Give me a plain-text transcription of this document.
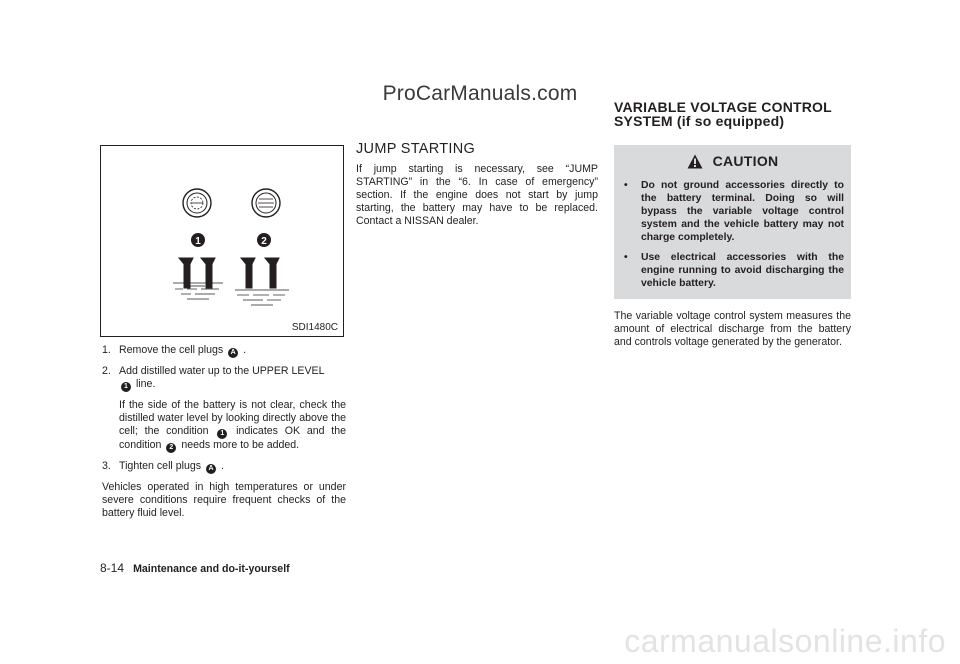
ProCarManuals.com
1	2
SDI1480C
1. Remove the cell plugs A .

2. Add distilled water up to the UPPER LEVEL
1 line.

If the side of the battery is not clear, check the distilled water level by looking directly above the cell; the condition 1 indicates OK and the condition 2 needs more to be added.

3. Tighten cell plugs A .

Vehicles operated in high temperatures or under severe conditions require frequent checks of the battery fluid level.

JUMP STARTING

If jump starting is necessary, see “JUMP STARTING” in the “6. In case of emergency” section. If the engine does not start by jump starting, the battery may have to be replaced. Contact a NISSAN dealer.

VARIABLE VOLTAGE CONTROL
SYSTEM (if so equipped)
CAUTION
• Do not ground accessories directly to the battery terminal. Doing so will bypass the variable voltage control system and the vehicle battery may not charge completely.
• Use electrical accessories with the engine running to avoid discharging the vehicle battery.

The variable voltage control system measures the amount of electrical discharge from the battery and controls voltage generated by the generator.

8-14 Maintenance and do-it-yourself
carmanualsonline.info
